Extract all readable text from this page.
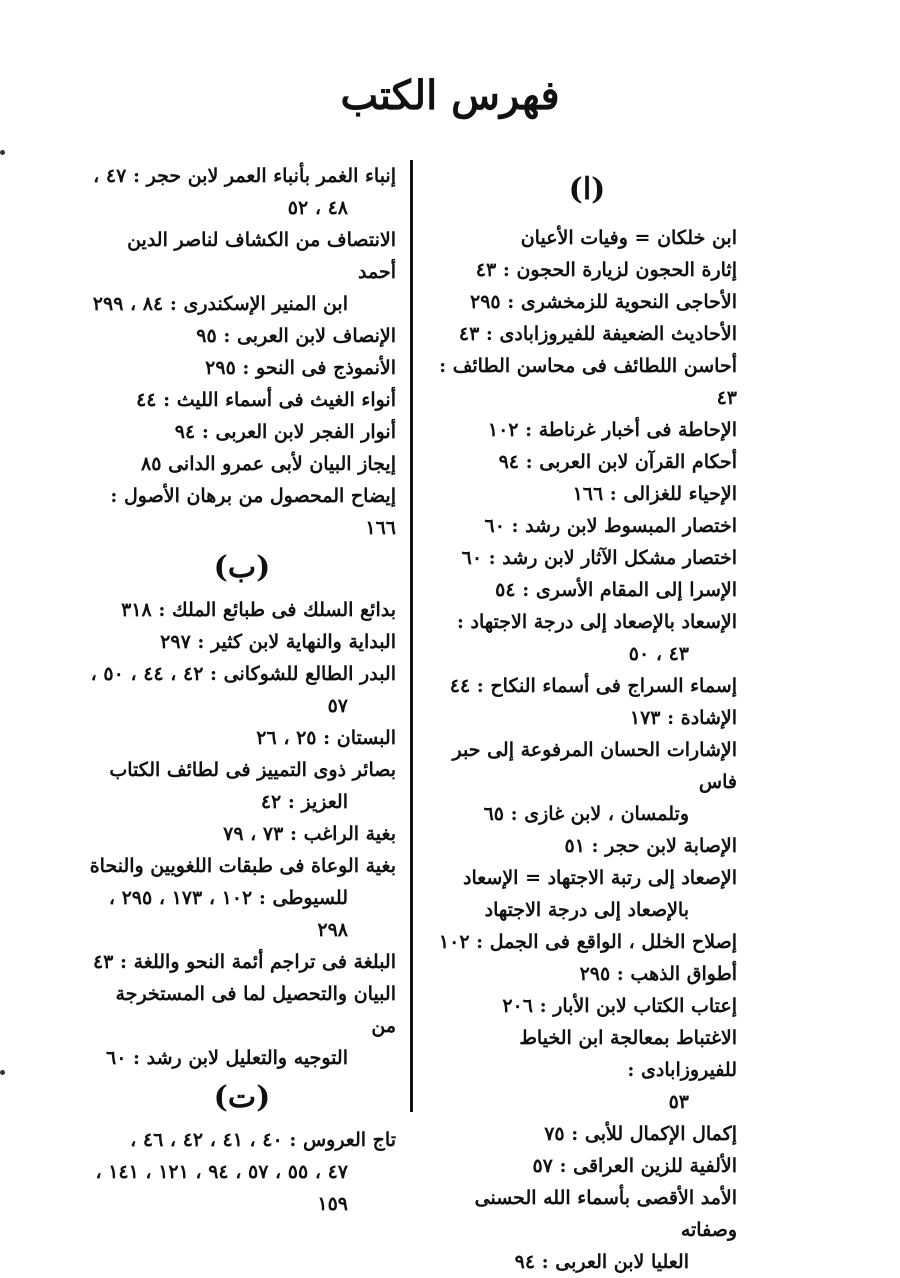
فهرس الكتب
(ا)
ابن خلكان = وفيات الأعيان
إثارة الحجون لزيارة الحجون : ٤٣
الأحاجى النحوية للزمخشرى : ٢٩٥
الأحاديث الضعيفة للفيروزابادى : ٤٣
أحاسن اللطائف فى محاسن الطائف : ٤٣
الإحاطة فى أخبار غرناطة : ١٠٢
أحكام القرآن لابن العربى : ٩٤
الإحياء للغزالى : ١٦٦
اختصار المبسوط لابن رشد : ٦٠
اختصار مشكل الآثار لابن رشد : ٦٠
الإسرا إلى المقام الأسرى : ٥٤
الإسعاد بالإصعاد إلى درجة الاجتهاد :
٤٣ ، ٥٠
إسماء السراج فى أسماء النكاح : ٤٤
الإشادة : ١٧٣
الإشارات الحسان المرفوعة إلى حبر فاس
وتلمسان ، لابن غازى : ٦٥
الإصابة لابن حجر : ٥١
الإصعاد إلى رتبة الاجتهاد = الإسعاد
بالإصعاد إلى درجة الاجتهاد
إصلاح الخلل ، الواقع فى الجمل : ١٠٢
أطواق الذهب : ٢٩٥
إعتاب الكتاب لابن الأبار : ٢٠٦
الاغتباط بمعالجة ابن الخياط للفيروزابادى :
٥٣
إكمال الإكمال للأبى : ٧٥
الألفية للزين العراقى : ٥٧
الأمد الأقصى بأسماء الله الحسنى وصفاته
العليا لابن العربى : ٩٤
إنباء الغمر بأنباء العمر لابن حجر : ٤٧ ،
٤٨ ، ٥٢
الانتصاف من الكشاف لناصر الدين أحمد
ابن المنير الإسكندرى : ٨٤ ، ٢٩٩
الإنصاف لابن العربى : ٩٥
الأنموذج فى النحو : ٢٩٥
أنواء الغيث فى أسماء الليث : ٤٤
أنوار الفجر لابن العربى : ٩٤
إيجاز البيان لأبى عمرو الدانى ٨٥
إيضاح المحصول من برهان الأصول : ١٦٦
(ب)
بدائع السلك فى طبائع الملك : ٣١٨
البداية والنهاية لابن كثير : ٢٩٧
البدر الطالع للشوكانى : ٤٢ ، ٤٤ ، ٥٠ ،
٥٧
البستان : ٢٥ ، ٢٦
بصائر ذوى التمييز فى لطائف الكتاب
العزيز : ٤٢
بغية الراغب : ٧٣ ، ٧٩
بغية الوعاة فى طبقات اللغويين والنحاة
للسيوطى : ١٠٢ ، ١٧٣ ، ٢٩٥ ، ٢٩٨
البلغة فى تراجم أئمة النحو واللغة : ٤٣
البيان والتحصيل لما فى المستخرجة من
التوجيه والتعليل لابن رشد : ٦٠
(ت)
تاج العروس : ٤٠ ، ٤١ ، ٤٢ ، ٤٦ ،
٤٧ ، ٥٥ ، ٥٧ ، ٩٤ ، ١٢١ ، ١٤١ ، ١٥٩
